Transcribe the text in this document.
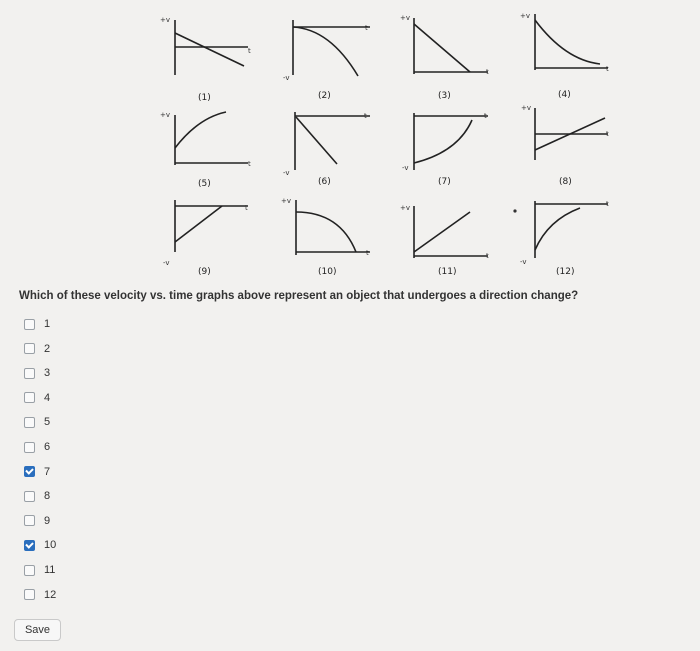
+v
t
-v
t
+v
t
+v
t
+v
t
-v
t
-v
t
+v
t
t
-v
+v
t
+v
t
-v
t
(1)	(2)	(3)	(4)
(5)	(6)	(7)	(8)
(9)	(10)	(11)	(12)
Which of these velocity vs. time graphs above represent an object that undergoes a direction change?
1
2
3
4
5
6
7
8
9
10
11
12
Save
